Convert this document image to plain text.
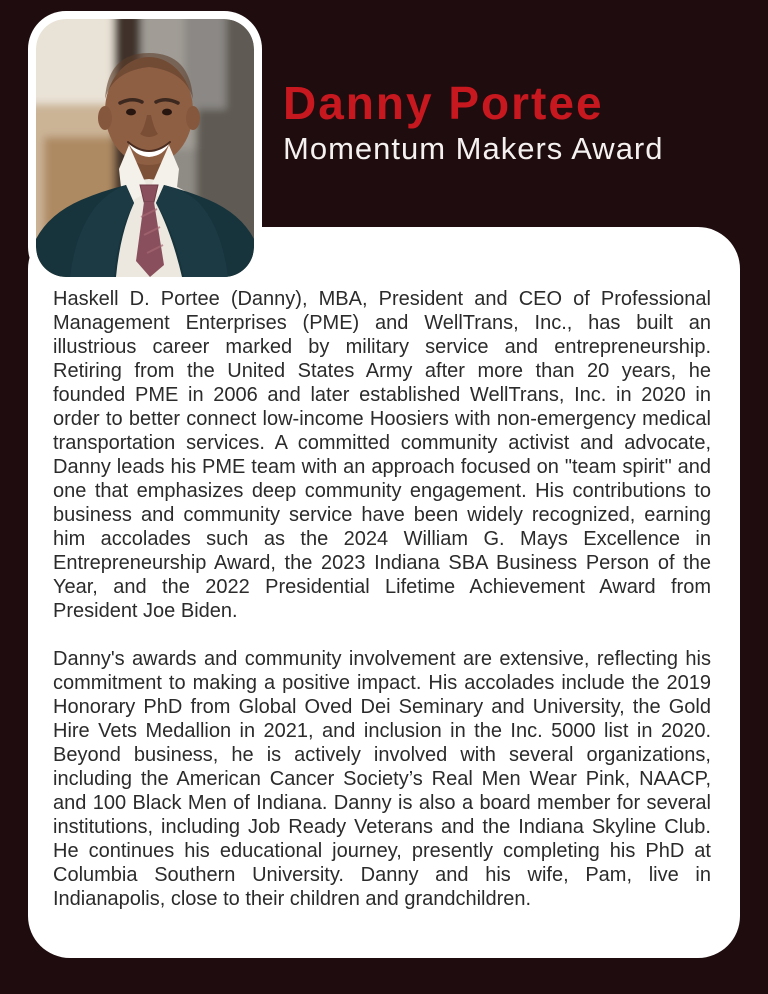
Danny Portee
Momentum Makers Award

Haskell D. Portee (Danny), MBA, President and CEO of Professional Management Enterprises (PME) and WellTrans, Inc., has built an illustrious career marked by military service and entrepreneurship. Retiring from the United States Army after more than 20 years, he founded PME in 2006 and later established WellTrans, Inc. in 2020 in order to better connect low-income Hoosiers with non-emergency medical transportation services. A committed community activist and advocate, Danny leads his PME team with an approach focused on "team spirit" and one that emphasizes deep community engagement. His contributions to business and community service have been widely recognized, earning him accolades such as the 2024 William G. Mays Excellence in Entrepreneurship Award, the 2023 Indiana SBA Business Person of the Year, and the 2022 Presidential Lifetime Achievement Award from President Joe Biden.

Danny's awards and community involvement are extensive, reflecting his commitment to making a positive impact. His accolades include the 2019 Honorary PhD from Global Oved Dei Seminary and University, the Gold Hire Vets Medallion in 2021, and inclusion in the Inc. 5000 list in 2020. Beyond business, he is actively involved with several organizations, including the American Cancer Society’s Real Men Wear Pink, NAACP, and 100 Black Men of Indiana. Danny is also a board member for several institutions, including Job Ready Veterans and the Indiana Skyline Club. He continues his educational journey, presently completing his PhD at Columbia Southern University. Danny and his wife, Pam, live in Indianapolis, close to their children and grandchildren.
